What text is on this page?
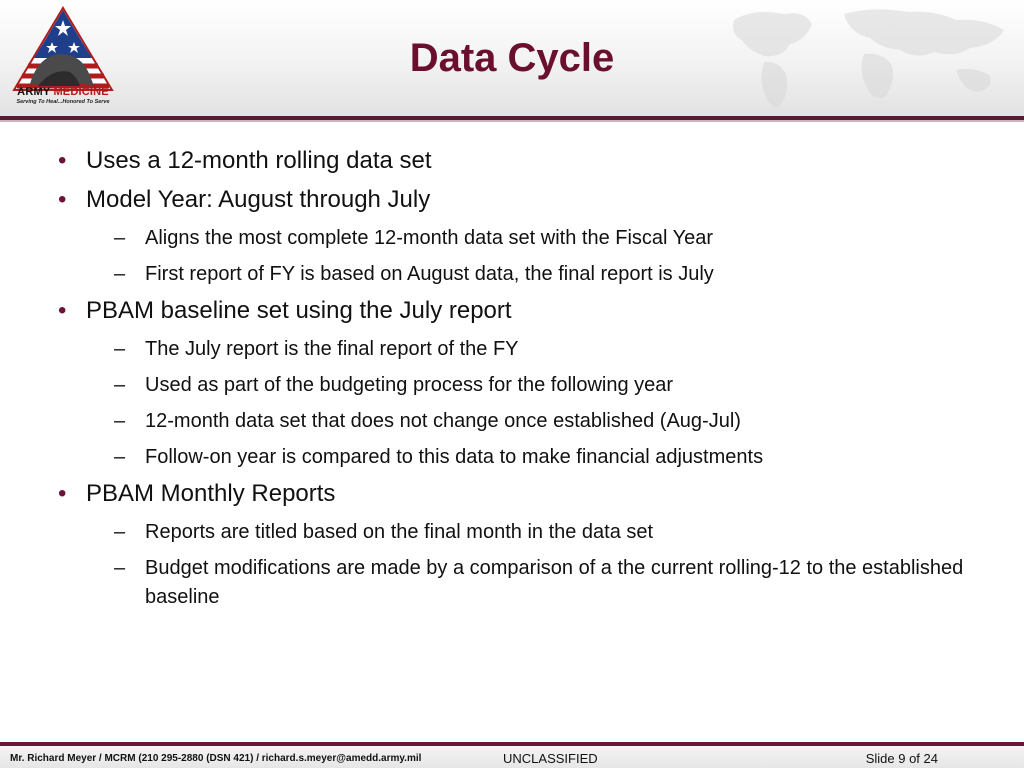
ARMY MEDICINE
Serving To Heal...Honored To Serve
Data Cycle
• Uses a 12-month rolling data set
• Model Year: August through July
– Aligns the most complete 12-month data set with the Fiscal Year
– First report of FY is based on August data, the final report is July
• PBAM baseline set using the July report
– The July report is the final report of the FY
– Used as part of the budgeting process for the following year
– 12-month data set that does not change once established (Aug-Jul)
– Follow-on year is compared to this data to make financial adjustments
• PBAM Monthly Reports
– Reports are titled based on the final month in the data set
– Budget modifications are made by a comparison of a the current rolling-12 to the established baseline
Mr. Richard Meyer / MCRM (210 295-2880 (DSN 421) / richard.s.meyer@amedd.army.mil	UNCLASSIFIED	Slide 9 of 24
